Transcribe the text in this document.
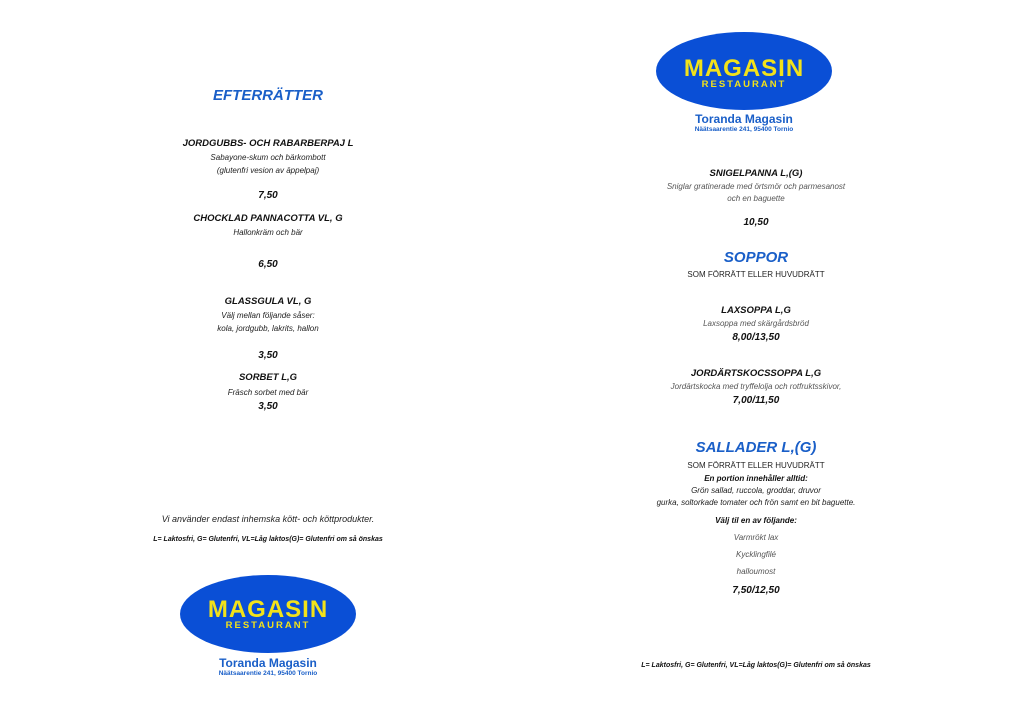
EFTERRÄTTER
JORDGUBBS- OCH RABARBERPAJ L
Sabayone-skum och bärkombott
(glutenfri vesion av äppelpaj)
7,50
CHOCKLAD PANNACOTTA VL, G
Hallonkräm och bär
6,50
GLASSGULA VL, G
Välj mellan följande såser:
kola, jordgubb, lakrits, hallon
3,50
SORBET L,G
Fräsch sorbet med bär
3,50
Vi använder endast inhemska kött- och köttprodukter.
L= Laktosfri, G= Glutenfri, VL=Låg laktos(G)= Glutenfri om så önskas
MAGASIN
RESTAURANT
Toranda Magasin
Näätsaarentie 241, 95400 Tornio
MAGASIN
RESTAURANT
Toranda Magasin
Näätsaarentie 241, 95400 Tornio
SNIGELPANNA L,(G)
Sniglar gratinerade med örtsmör och parmesanost
och en baguette
10,50
SOPPOR
SOM FÖRRÄTT ELLER HUVUDRÄTT
LAXSOPPA L,G
Laxsoppa med skärgårdsbröd
8,00/13,50
JORDÄRTSKOCSSOPPA L,G
Jordärtskocka med tryffelolja och rotfruktsskivor,
7,00/11,50
SALLADER L,(G)
SOM FÖRRÄTT ELLER HUVUDRÄTT
En portion innehåller alltid:
Grön sallad, ruccola, groddar, druvor
gurka, soltorkade tomater och frön samt en bit baguette.
Välj til en av följande:
Varmrökt lax
Kycklingfilé
halloumost
7,50/12,50
L= Laktosfri, G= Glutenfri, VL=Låg laktos(G)= Glutenfri om så önskas
